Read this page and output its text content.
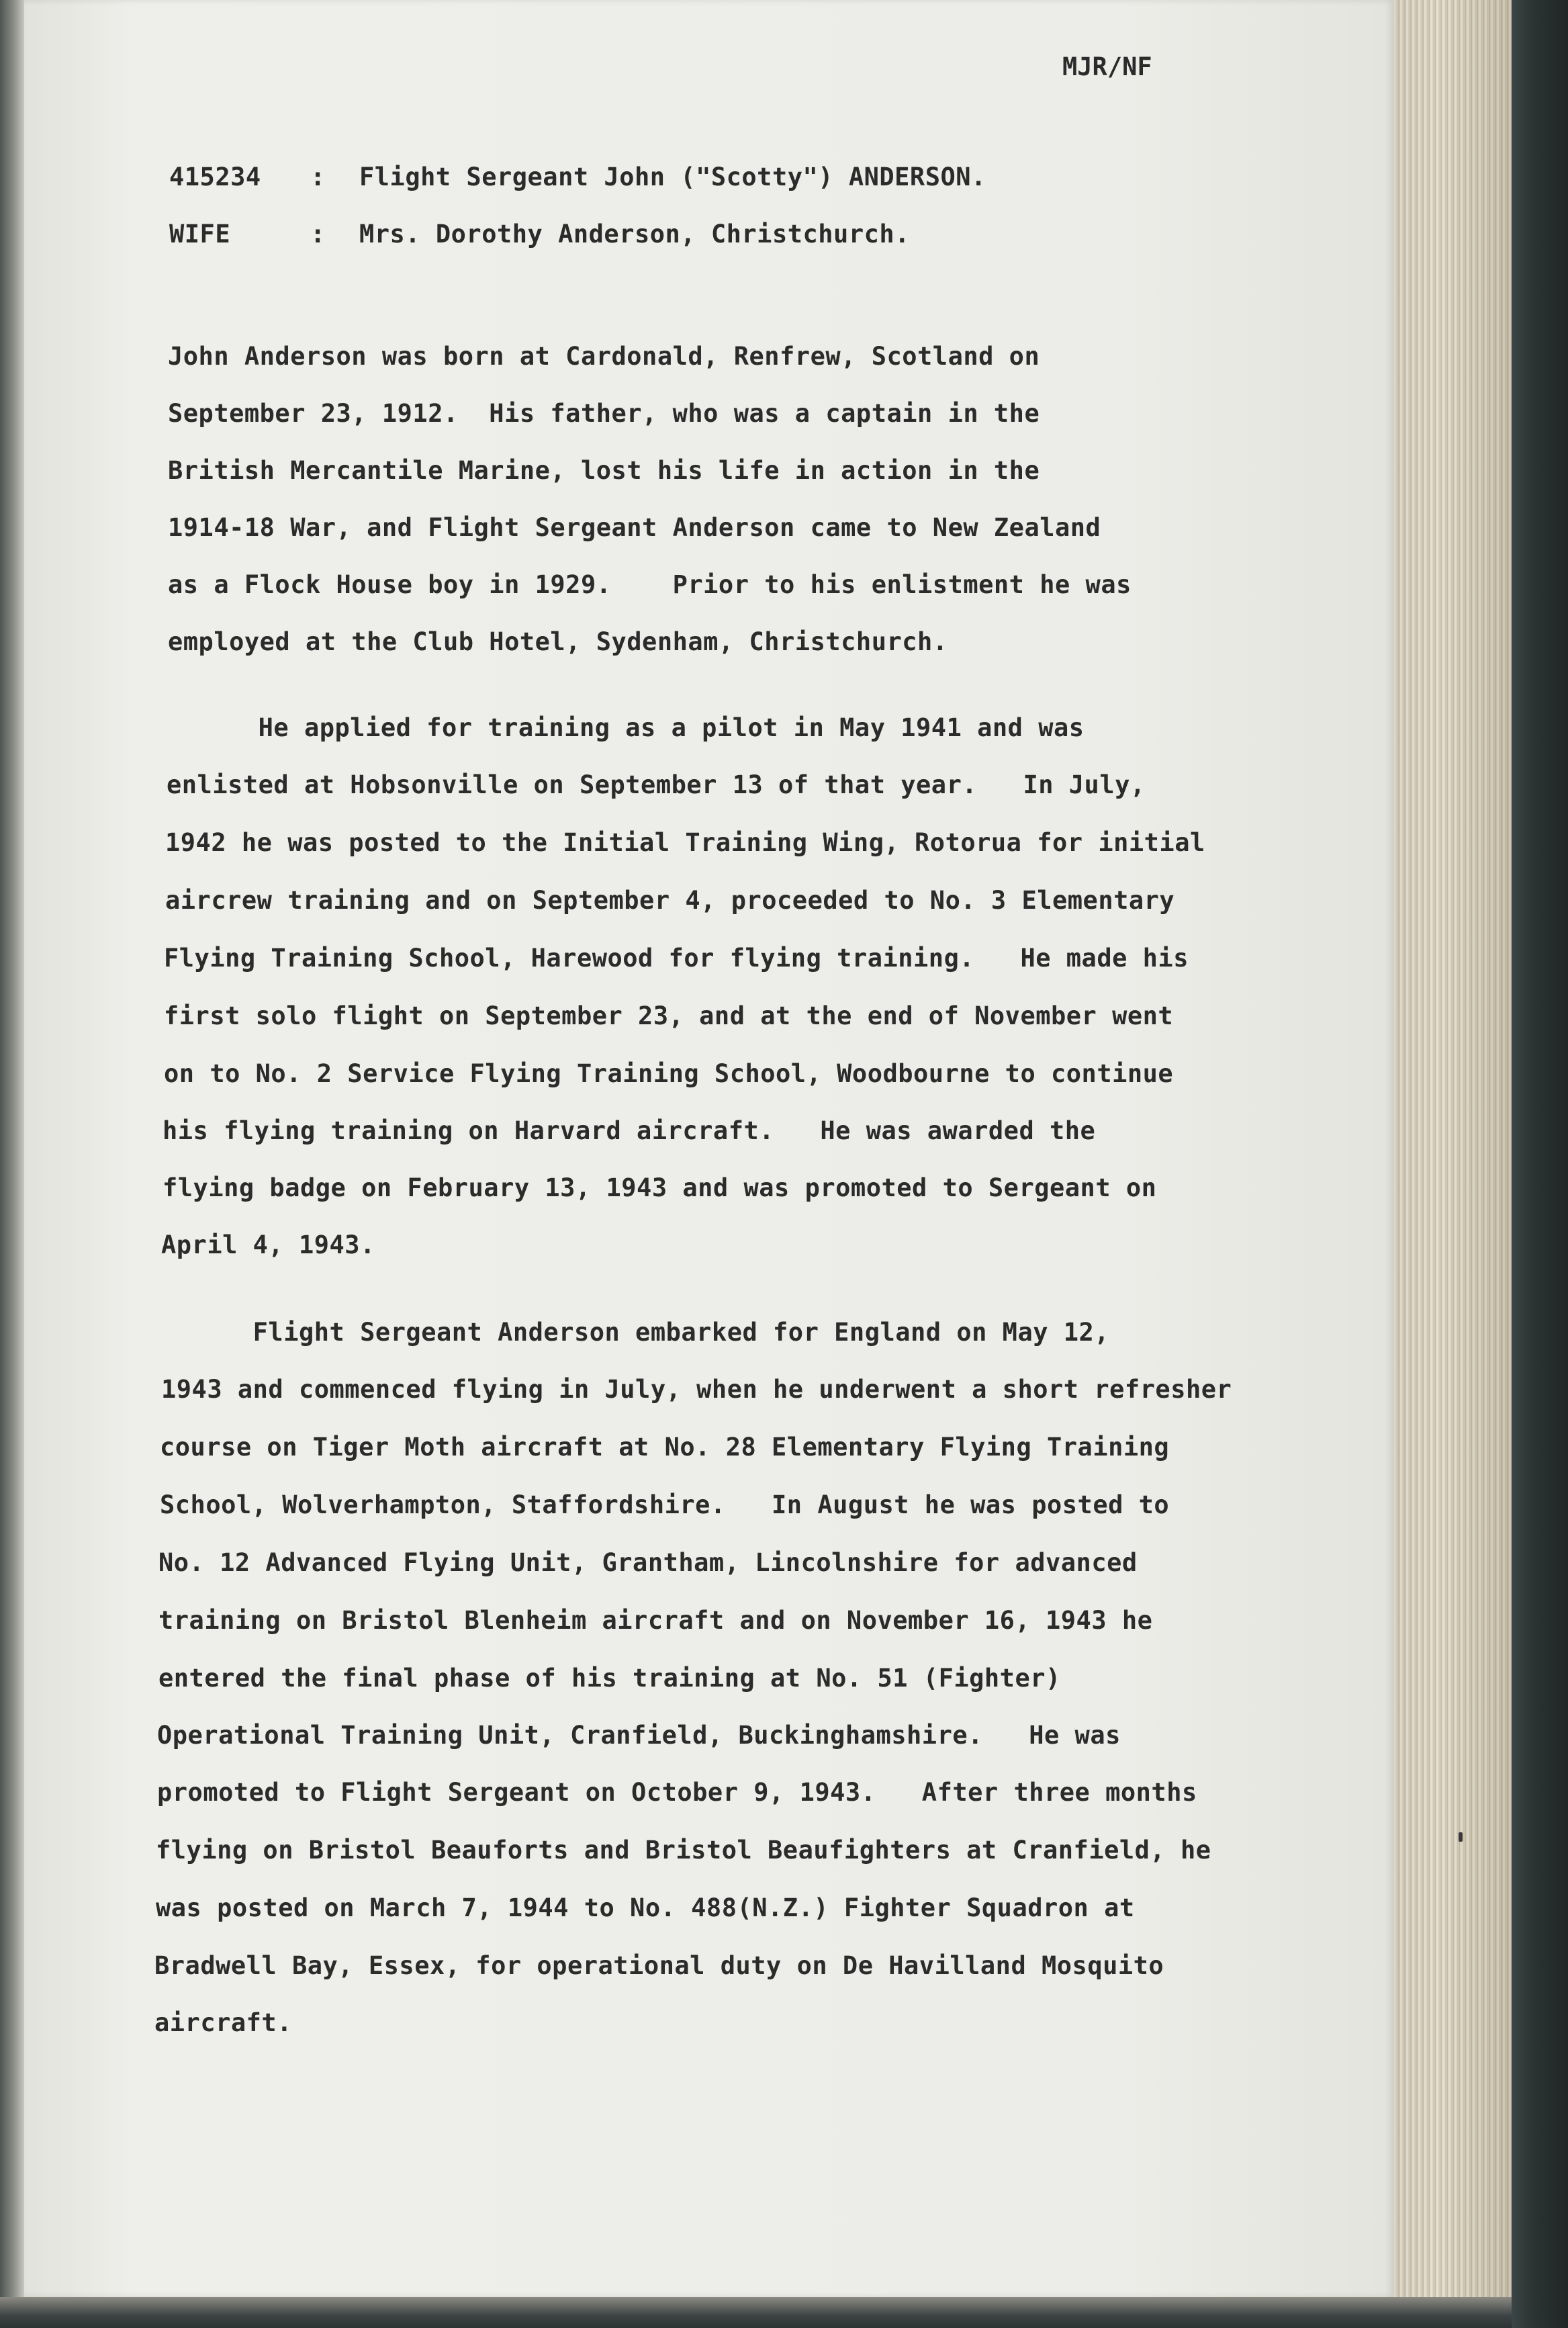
MJR/NF
415234 : Flight Sergeant John ("Scotty") ANDERSON.
WIFE	: Mrs. Dorothy Anderson, Christchurch.
John Anderson was born at Cardonald, Renfrew, Scotland on
September 23, 1912.  His father, who was a captain in the
British Mercantile Marine, lost his life in action in the
1914-18 War, and Flight Sergeant Anderson came to New Zealand
as a Flock House boy in 1929.    Prior to his enlistment he was
employed at the Club Hotel, Sydenham, Christchurch.
He applied for training as a pilot in May 1941 and was
enlisted at Hobsonville on September 13 of that year.   In July,
1942 he was posted to the Initial Training Wing, Rotorua for initial
aircrew training and on September 4, proceeded to No. 3 Elementary
Flying Training School, Harewood for flying training.   He made his
first solo flight on September 23, and at the end of November went
on to No. 2 Service Flying Training School, Woodbourne to continue
his flying training on Harvard aircraft.   He was awarded the
flying badge on February 13, 1943 and was promoted to Sergeant on
April 4, 1943.
Flight Sergeant Anderson embarked for England on May 12,
1943 and commenced flying in July, when he underwent a short refresher
course on Tiger Moth aircraft at No. 28 Elementary Flying Training
School, Wolverhampton, Staffordshire.   In August he was posted to
No. 12 Advanced Flying Unit, Grantham, Lincolnshire for advanced
training on Bristol Blenheim aircraft and on November 16, 1943 he
entered the final phase of his training at No. 51 (Fighter)
Operational Training Unit, Cranfield, Buckinghamshire.   He was
promoted to Flight Sergeant on October 9, 1943.   After three months
flying on Bristol Beauforts and Bristol Beaufighters at Cranfield, he
was posted on March 7, 1944 to No. 488(N.Z.) Fighter Squadron at
Bradwell Bay, Essex, for operational duty on De Havilland Mosquito
aircraft.
